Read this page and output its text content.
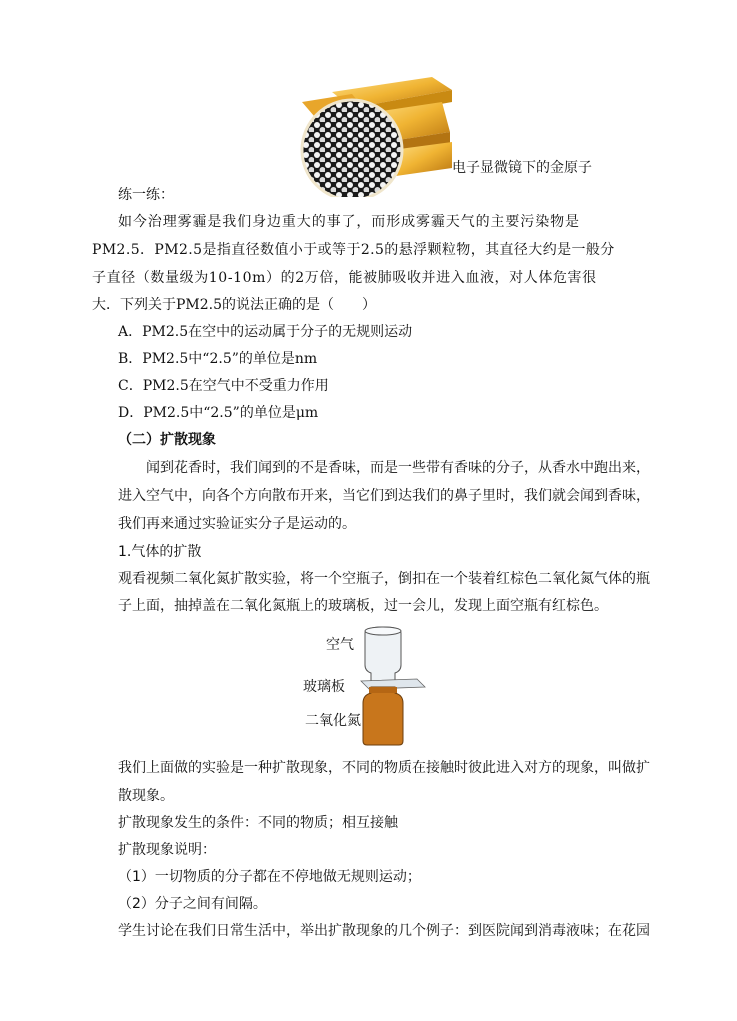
电子显微镜下的金原子
练一练：
如今治理雾霾是我们身边重大的事了，而形成雾霾天气的主要污染物是
PM2.5．PM2.5是指直径数值小于或等于2.5的悬浮颗粒物，其直径大约是一般分
子直径（数量级为10-10m）的2万倍，能被肺吸收并进入血液，对人体危害很
大．下列关于PM2.5的说法正确的是（　　）
A．PM2.5在空中的运动属于分子的无规则运动
B．PM2.5中“2.5”的单位是nm
C．PM2.5在空气中不受重力作用
D．PM2.5中“2.5”的单位是μm
（二）扩散现象
闻到花香时，我们闻到的不是香味，而是一些带有香味的分子，从香水中跑出来，
进入空气中，向各个方向散布开来，当它们到达我们的鼻子里时，我们就会闻到香味，
我们再来通过实验证实分子是运动的。
1.气体的扩散
观看视频二氧化氮扩散实验，将一个空瓶子，倒扣在一个装着红棕色二氧化氮气体的瓶
子上面，抽掉盖在二氧化氮瓶上的玻璃板，过一会儿，发现上面空瓶有红棕色。
空气
玻璃板
二氧化氮
我们上面做的实验是一种扩散现象，不同的物质在接触时彼此进入对方的现象，叫做扩
散现象。
扩散现象发生的条件：不同的物质；相互接触
扩散现象说明：
（1）一切物质的分子都在不停地做无规则运动；
（2）分子之间有间隔。
学生讨论在我们日常生活中，举出扩散现象的几个例子：到医院闻到消毒液味；在花园
